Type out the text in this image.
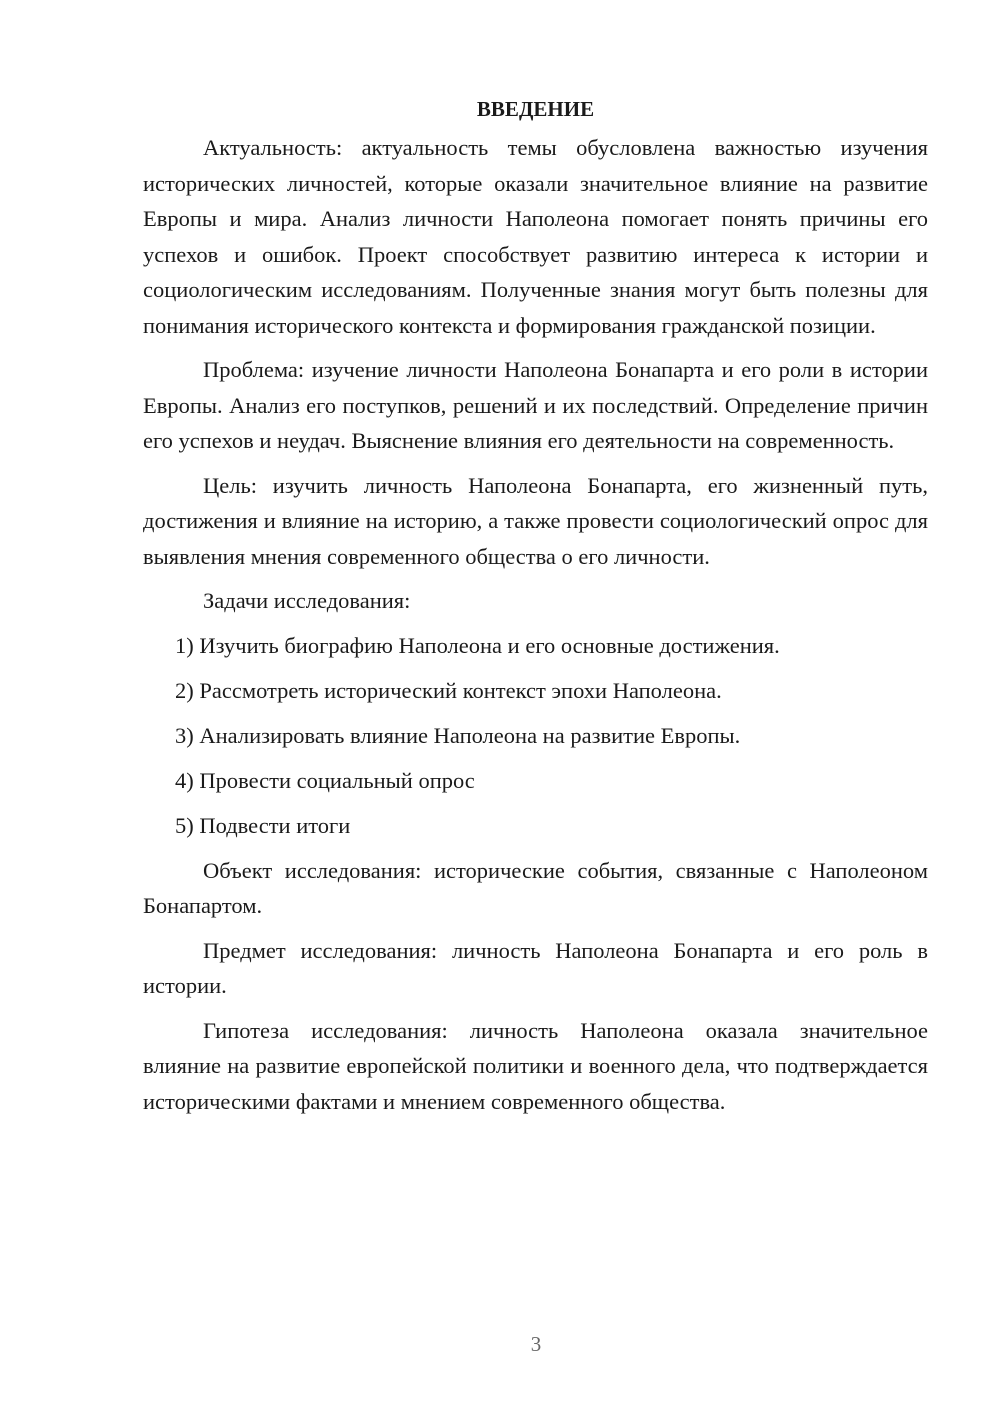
ВВЕДЕНИЕ

Актуальность: актуальность темы обусловлена важностью изучения исторических личностей, которые оказали значительное влияние на развитие Европы и мира. Анализ личности Наполеона помогает понять причины его успехов и ошибок. Проект способствует развитию интереса к истории и социологическим исследованиям. Полученные знания могут быть полезны для понимания исторического контекста и формирования гражданской позиции.

Проблема: изучение личности Наполеона Бонапарта и его роли в истории Европы. Анализ его поступков, решений и их последствий. Определение причин его успехов и неудач. Выяснение влияния его деятельности на современность.

Цель: изучить личность Наполеона Бонапарта, его жизненный путь, достижения и влияние на историю, а также провести социологический опрос для выявления мнения современного общества о его личности.

Задачи исследования:

1) Изучить биографию Наполеона и его основные достижения.

2) Рассмотреть исторический контекст эпохи Наполеона.

3) Анализировать влияние Наполеона на развитие Европы.

4) Провести социальный опрос

5) Подвести итоги

Объект исследования: исторические события, связанные с Наполеоном Бонапартом.

Предмет исследования: личность Наполеона Бонапарта и его роль в истории.

Гипотеза исследования: личность Наполеона оказала значительное влияние на развитие европейской политики и военного дела, что подтверждается историческими фактами и мнением современного общества.

3
